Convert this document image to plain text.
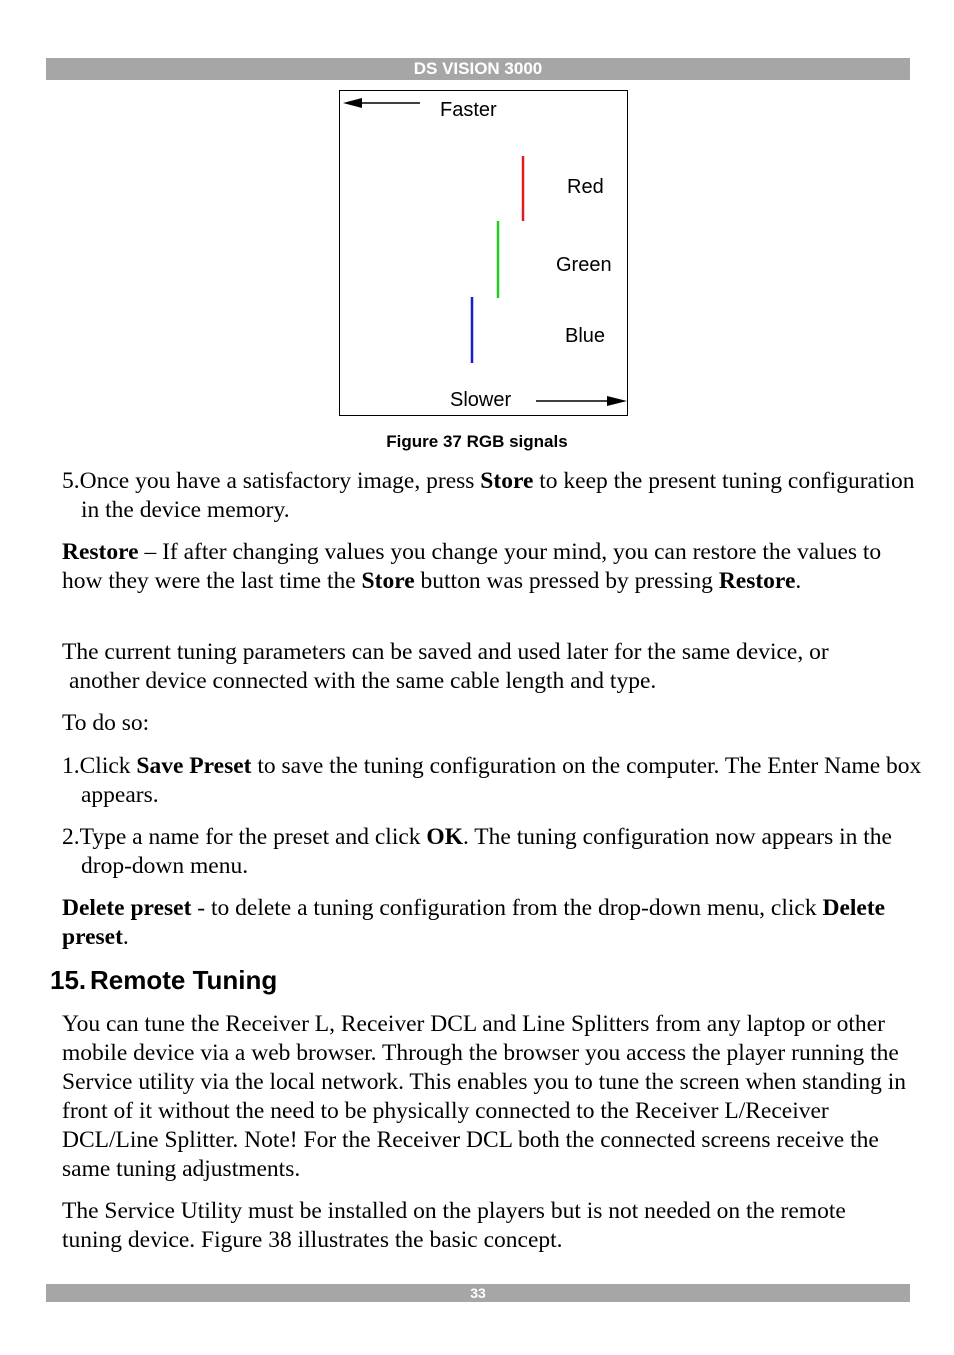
DS VISION 3000
Faster
Red
Green
Blue
Slower
Figure 37 RGB signals
5.Once you have a satisfactory image, press Store to keep the present tuning configuration in the device memory.
Restore – If after changing values you change your mind, you can restore the values to how they were the last time the Store button was pressed by pressing Restore.
The current tuning parameters can be saved and used later for the same device, or
another device connected with the same cable length and type.
To do so:
1.Click Save Preset to save the tuning configuration on the computer. The Enter Name box appears.
2.Type a name for the preset and click OK. The tuning configuration now appears in the drop-down menu.
Delete preset - to delete a tuning configuration from the drop-down menu, click Delete preset.
15. Remote Tuning
You can tune the Receiver L, Receiver DCL and Line Splitters from any laptop or other mobile device via a web browser. Through the browser you access the player running the Service utility via the local network. This enables you to tune the screen when standing in front of it without the need to be physically connected to the Receiver L/Receiver DCL/Line Splitter. Note! For the Receiver DCL both the connected screens receive the same tuning adjustments.
The Service Utility must be installed on the players but is not needed on the remote tuning device. Figure 38 illustrates the basic concept.
33
